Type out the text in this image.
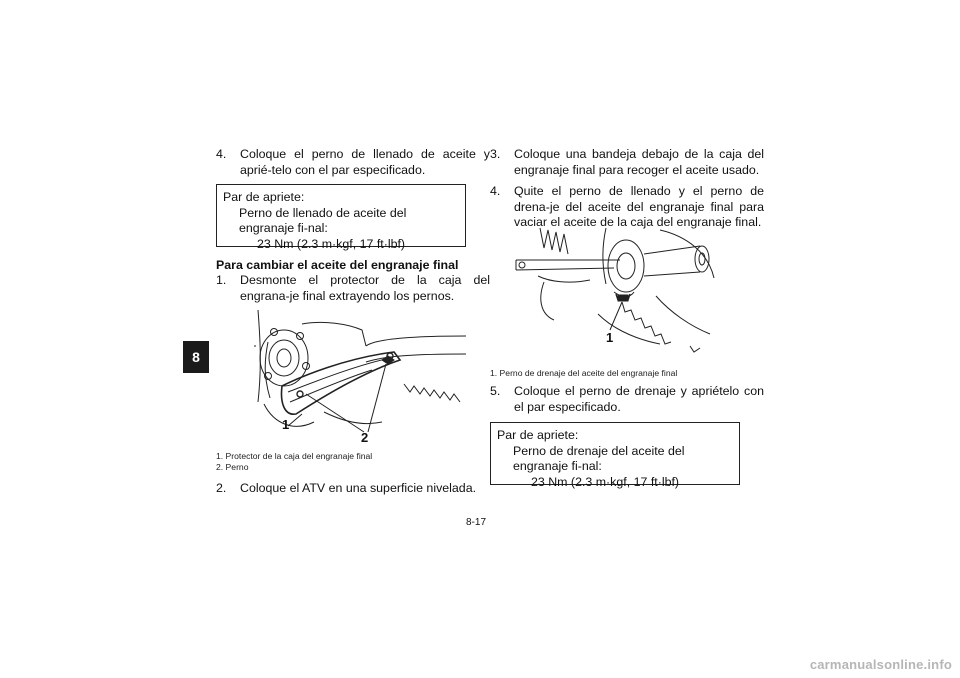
8
4. Coloque el perno de llenado de aceite y aprié-telo con el par especificado.
Par de apriete:
Perno de llenado de aceite del engranaje fi-nal:
23 Nm (2.3 m·kgf, 17 ft·lbf)
Para cambiar el aceite del engranaje final
1. Desmonte el protector de la caja del engrana-je final extrayendo los pernos.
1
2
1. Protector de la caja del engranaje final
2. Perno
2. Coloque el ATV en una superficie nivelada.
3. Coloque una bandeja debajo de la caja del engranaje final para recoger el aceite usado.
4. Quite el perno de llenado y el perno de drena-je del aceite del engranaje final para vaciar el aceite de la caja del engranaje final.
1
1. Perno de drenaje del aceite del engranaje final
5. Coloque el perno de drenaje y apriételo con el par especificado.
Par de apriete:
Perno de drenaje del aceite del engranaje fi-nal:
23 Nm (2.3 m·kgf, 17 ft·lbf)
8-17
carmanualsonline.info
